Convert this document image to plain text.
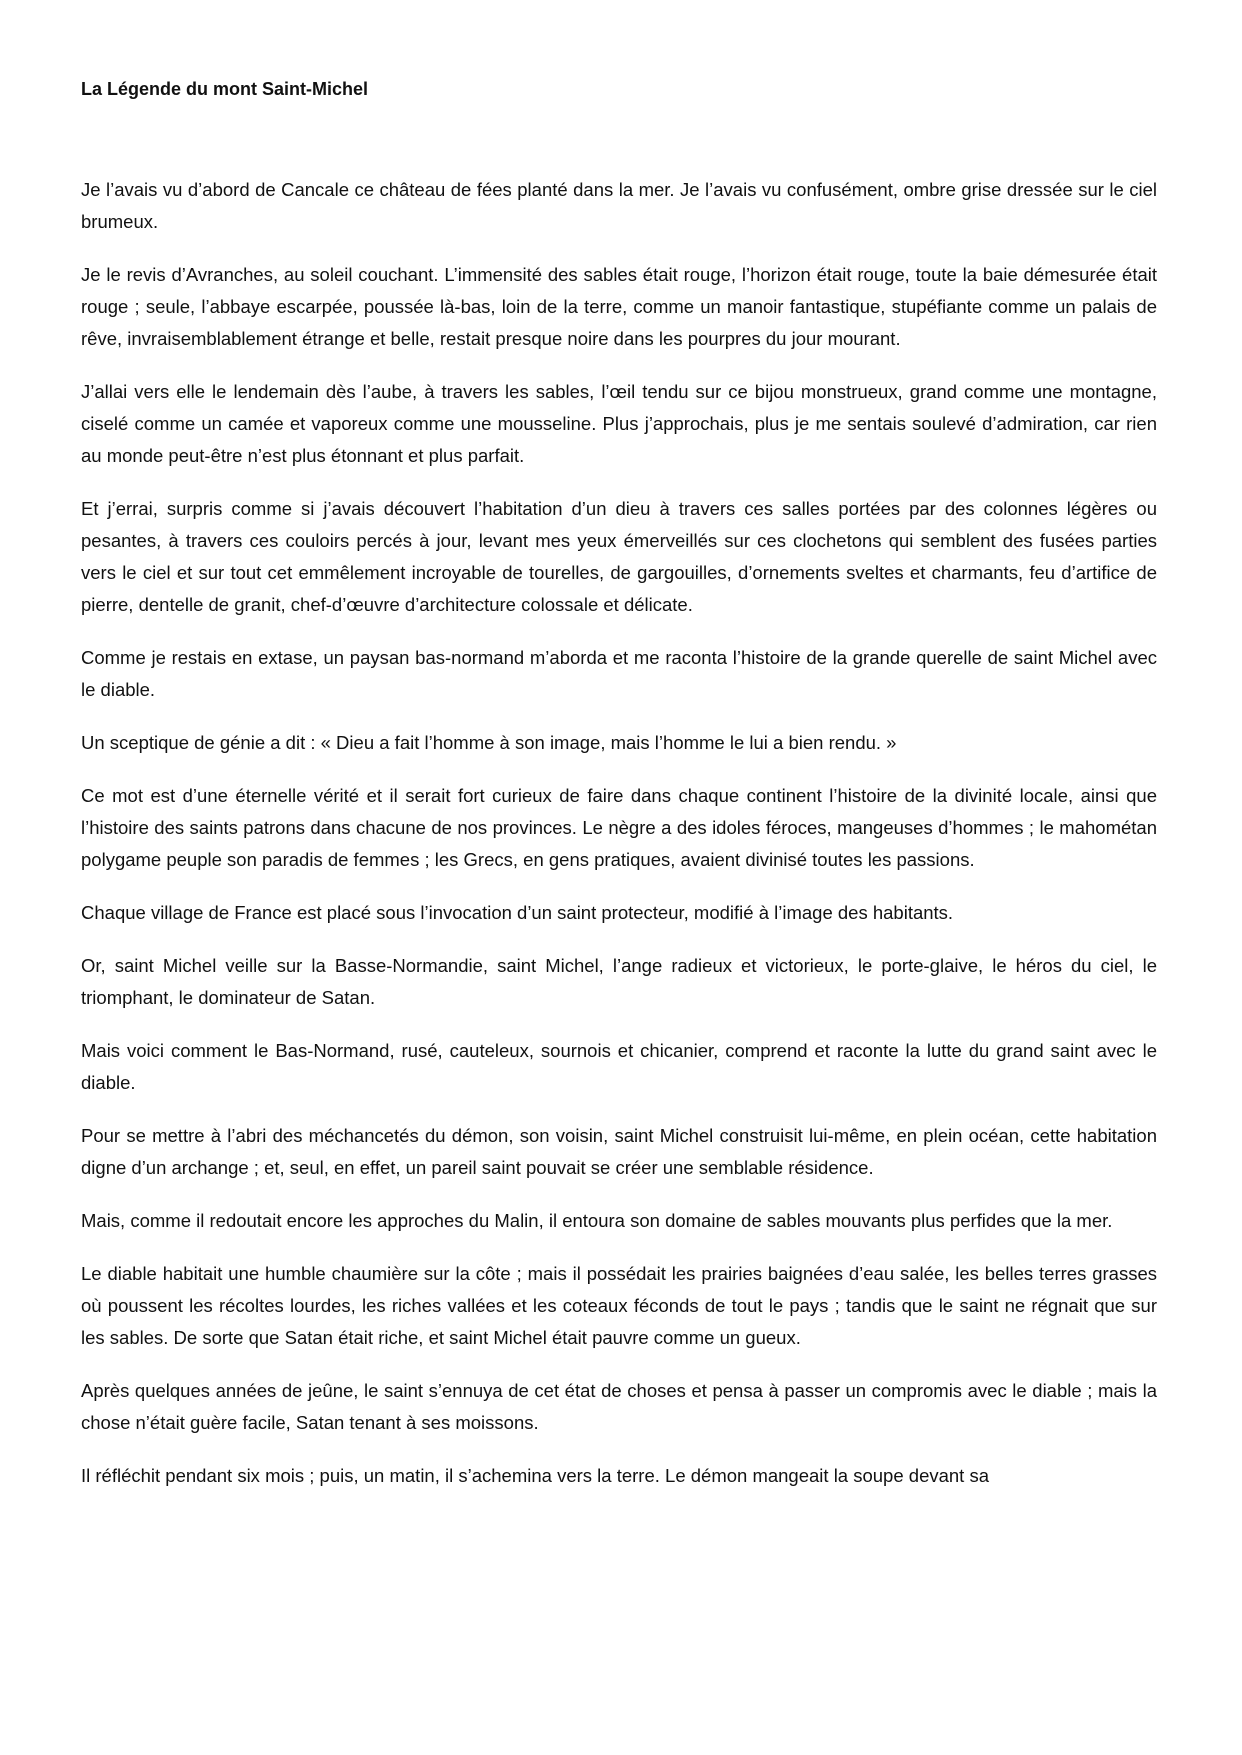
La Légende du mont Saint-Michel

Je l’avais vu d’abord de Cancale ce château de fées planté dans la mer. Je l’avais vu confusément, ombre grise dressée sur le ciel brumeux.

Je le revis d’Avranches, au soleil couchant. L’immensité des sables était rouge, l’horizon était rouge, toute la baie démesurée était rouge ; seule, l’abbaye escarpée, poussée là-bas, loin de la terre, comme un manoir fantastique, stupéfiante comme un palais de rêve, invraisemblablement étrange et belle, restait presque noire dans les pourpres du jour mourant.

J’allai vers elle le lendemain dès l’aube, à travers les sables, l’œil tendu sur ce bijou monstrueux, grand comme une montagne, ciselé comme un camée et vaporeux comme une mousseline. Plus j’approchais, plus je me sentais soulevé d’admiration, car rien au monde peut-être n’est plus étonnant et plus parfait.

Et j’errai, surpris comme si j’avais découvert l’habitation d’un dieu à travers ces salles portées par des colonnes légères ou pesantes, à travers ces couloirs percés à jour, levant mes yeux émerveillés sur ces clochetons qui semblent des fusées parties vers le ciel et sur tout cet emmêlement incroyable de tourelles, de gargouilles, d’ornements sveltes et charmants, feu d’artifice de pierre, dentelle de granit, chef-d’œuvre d’architecture colossale et délicate.

Comme je restais en extase, un paysan bas-normand m’aborda et me raconta l’histoire de la grande querelle de saint Michel avec le diable.

Un sceptique de génie a dit : « Dieu a fait l’homme à son image, mais l’homme le lui a bien rendu. »

Ce mot est d’une éternelle vérité et il serait fort curieux de faire dans chaque continent l’histoire de la divinité locale, ainsi que l’histoire des saints patrons dans chacune de nos provinces. Le nègre a des idoles féroces, mangeuses d’hommes ; le mahométan polygame peuple son paradis de femmes ; les Grecs, en gens pratiques, avaient divinisé toutes les passions.

Chaque village de France est placé sous l’invocation d’un saint protecteur, modifié à l’image des habitants.

Or, saint Michel veille sur la Basse-Normandie, saint Michel, l’ange radieux et victorieux, le porte-glaive, le héros du ciel, le triomphant, le dominateur de Satan.

Mais voici comment le Bas-Normand, rusé, cauteleux, sournois et chicanier, comprend et raconte la lutte du grand saint avec le diable.

Pour se mettre à l’abri des méchancetés du démon, son voisin, saint Michel construisit lui-même, en plein océan, cette habitation digne d’un archange ; et, seul, en effet, un pareil saint pouvait se créer une semblable résidence.

Mais, comme il redoutait encore les approches du Malin, il entoura son domaine de sables mouvants plus perfides que la mer.

Le diable habitait une humble chaumière sur la côte ; mais il possédait les prairies baignées d’eau salée, les belles terres grasses où poussent les récoltes lourdes, les riches vallées et les coteaux féconds de tout le pays ; tandis que le saint ne régnait que sur les sables. De sorte que Satan était riche, et saint Michel était pauvre comme un gueux.

Après quelques années de jeûne, le saint s’ennuya de cet état de choses et pensa à passer un compromis avec le diable ; mais la chose n’était guère facile, Satan tenant à ses moissons.

Il réfléchit pendant six mois ; puis, un matin, il s’achemina vers la terre. Le démon mangeait la soupe devant sa
